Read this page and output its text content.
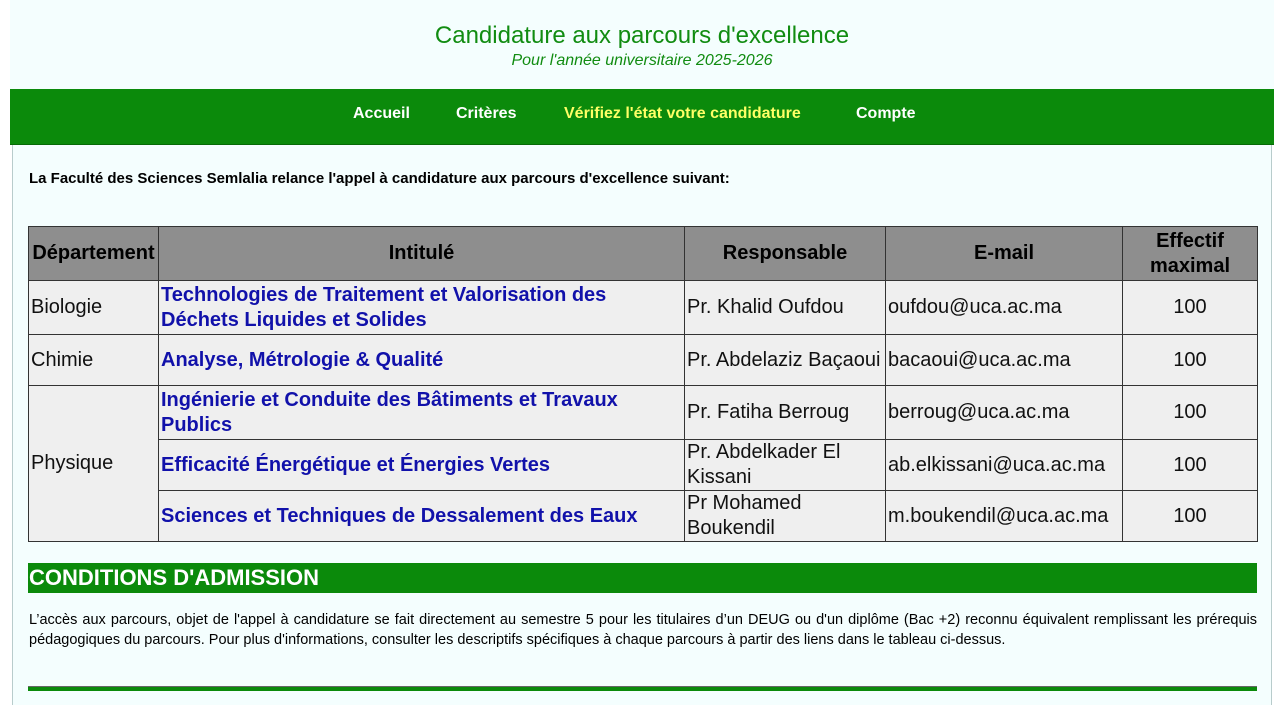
Candidature aux parcours d'excellence
Pour l'année universitaire 2025-2026
Accueil	Critères	Vérifiez l'état votre candidature	Compte
La Faculté des Sciences Semlalia relance l'appel à candidature aux parcours d'excellence suivant:
Département	Intitulé	Responsable	E-mail	Effectif maximal
Biologie	Technologies de Traitement et Valorisation des Déchets Liquides et Solides	Pr. Khalid Oufdou	oufdou@uca.ac.ma	100
Chimie	Analyse, Métrologie & Qualité	Pr. Abdelaziz Baçaoui	bacaoui@uca.ac.ma	100
Physique	Ingénierie et Conduite des Bâtiments et Travaux Publics	Pr. Fatiha Berroug	berroug@uca.ac.ma	100
	Efficacité Énergétique et Énergies Vertes	Pr. Abdelkader El Kissani	ab.elkissani@uca.ac.ma	100
	Sciences et Techniques de Dessalement des Eaux	Pr Mohamed Boukendil	m.boukendil@uca.ac.ma	100
CONDITIONS D'ADMISSION
L’accès aux parcours, objet de l'appel à candidature se fait directement au semestre 5 pour les titulaires d’un DEUG ou d'un diplôme (Bac +2) reconnu équivalent remplissant les prérequis pédagogiques du parcours. Pour plus d'informations, consulter les descriptifs spécifiques à chaque parcours à partir des liens dans le tableau ci-dessus.
